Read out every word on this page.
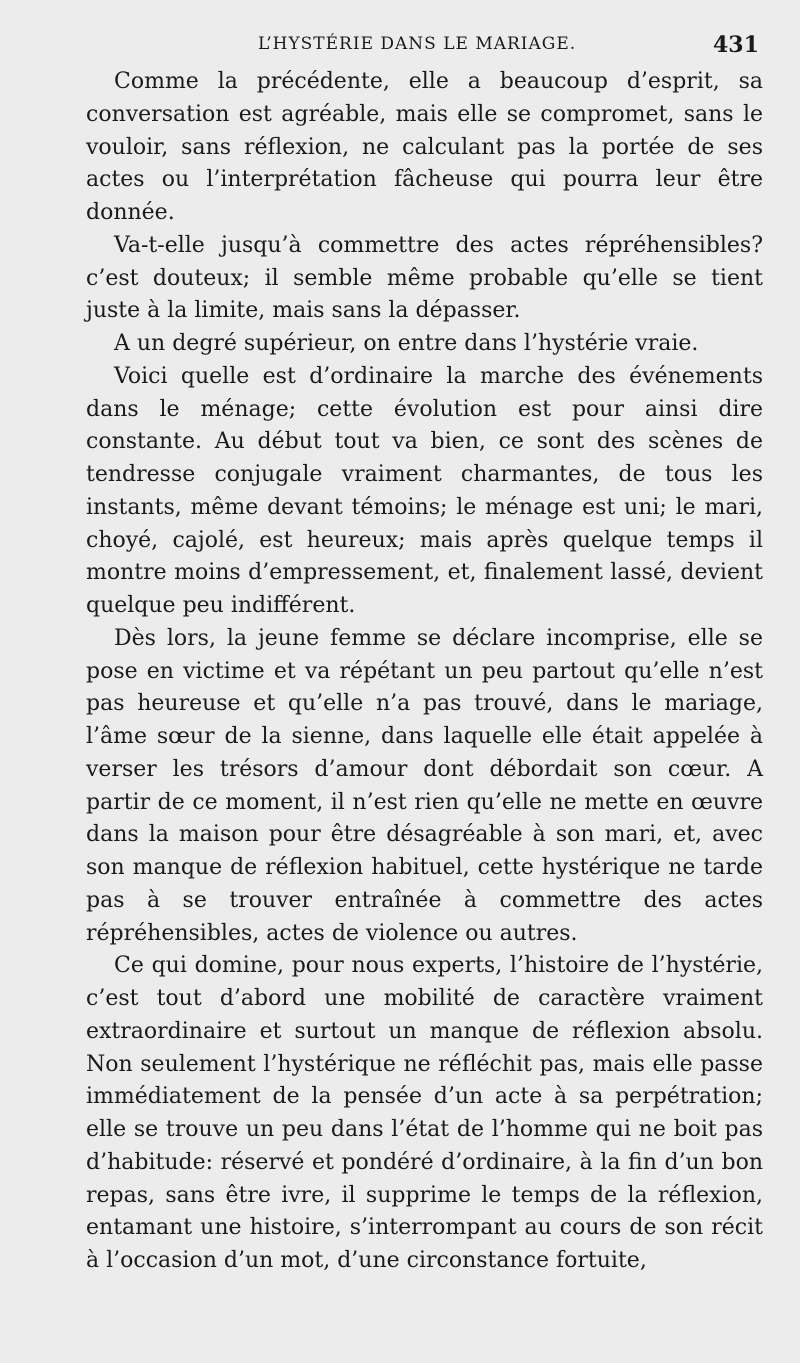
L’HYSTÉRIE DANS LE MARIAGE.	431

Comme la précédente, elle a beaucoup d’esprit, sa conversation est agréable, mais elle se compromet, sans le vouloir, sans réflexion, ne calculant pas la portée de ses actes ou l’interprétation fâcheuse qui pourra leur être donnée.

Va-t-elle jusqu’à commettre des actes répréhensibles? c’est douteux; il semble même probable qu’elle se tient juste à la limite, mais sans la dépasser.

A un degré supérieur, on entre dans l’hystérie vraie.

Voici quelle est d’ordinaire la marche des événements dans le ménage; cette évolution est pour ainsi dire constante. Au début tout va bien, ce sont des scènes de tendresse conjugale vraiment charmantes, de tous les instants, même devant témoins; le ménage est uni; le mari, choyé, cajolé, est heureux; mais après quelque temps il montre moins d’empressement, et, finalement lassé, devient quelque peu indifférent.

Dès lors, la jeune femme se déclare incomprise, elle se pose en victime et va répétant un peu partout qu’elle n’est pas heureuse et qu’elle n’a pas trouvé, dans le mariage, l’âme sœur de la sienne, dans laquelle elle était appelée à verser les trésors d’amour dont débordait son cœur. A partir de ce moment, il n’est rien qu’elle ne mette en œuvre dans la maison pour être désagréable à son mari, et, avec son manque de réflexion habituel, cette hystérique ne tarde pas à se trouver entraînée à commettre des actes répréhensibles, actes de violence ou autres.

Ce qui domine, pour nous experts, l’histoire de l’hystérie, c’est tout d’abord une mobilité de caractère vraiment extraordinaire et surtout un manque de réflexion absolu. Non seulement l’hystérique ne réfléchit pas, mais elle passe immédiatement de la pensée d’un acte à sa perpétration; elle se trouve un peu dans l’état de l’homme qui ne boit pas d’habitude: réservé et pondéré d’ordinaire, à la fin d’un bon repas, sans être ivre, il supprime le temps de la réflexion, entamant une histoire, s’interrompant au cours de son récit à l’occasion d’un mot, d’une circonstance fortuite,
